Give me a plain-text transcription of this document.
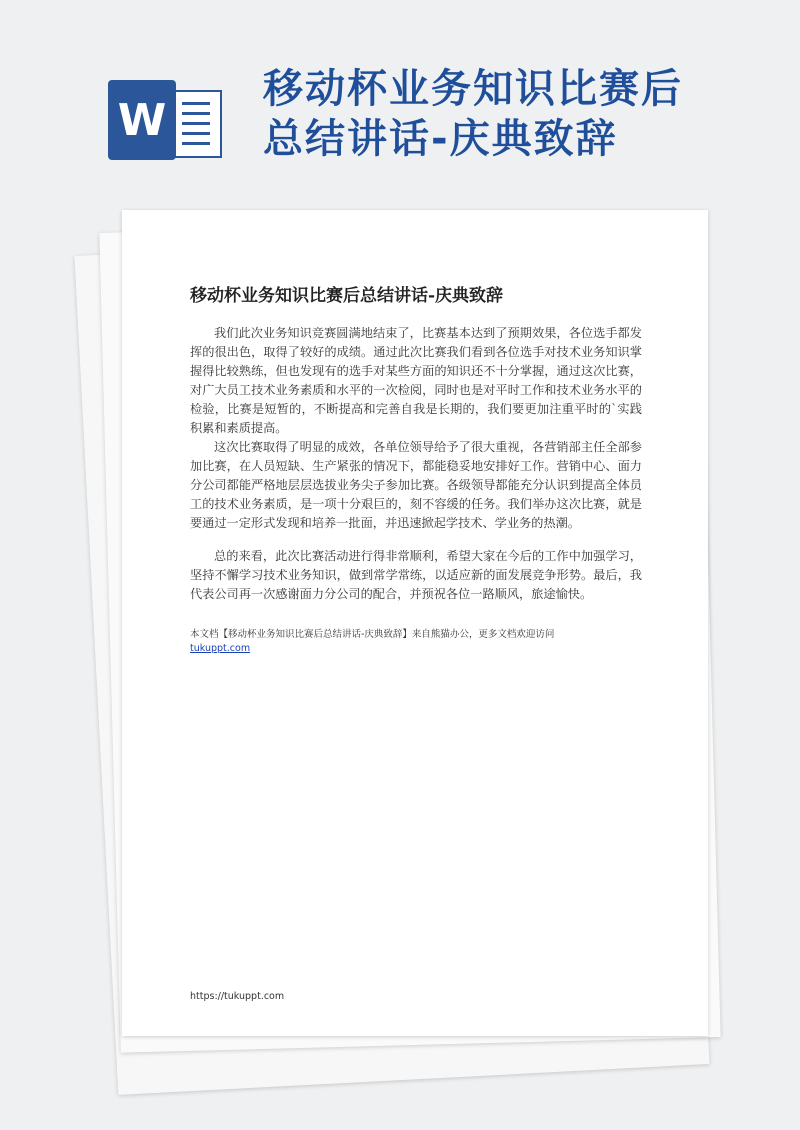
W
移动杯业务知识比赛后
总结讲话-庆典致辞
移动杯业务知识比赛后总结讲话-庆典致辞

我们此次业务知识竞赛圆满地结束了，比赛基本达到了预期效果，各位选手都发挥的很出色，取得了较好的成绩。通过此次比赛我们看到各位选手对技术业务知识掌握得比较熟练，但也发现有的选手对某些方面的知识还不十分掌握，通过这次比赛，对广大员工技术业务素质和水平的一次检阅，同时也是对平时工作和技术业务水平的检验，比赛是短暂的，不断提高和完善自我是长期的，我们要更加注重平时的`实践积累和素质提高。

这次比赛取得了明显的成效，各单位领导给予了很大重视，各营销部主任全部参加比赛，在人员短缺、生产紧张的情况下，都能稳妥地安排好工作。营销中心、面力分公司都能严格地层层选拔业务尖子参加比赛。各级领导都能充分认识到提高全体员工的技术业务素质，是一项十分艰巨的，刻不容缓的任务。我们举办这次比赛，就是要通过一定形式发现和培养一批面，并迅速掀起学技术、学业务的热潮。

总的来看，此次比赛活动进行得非常顺利，希望大家在今后的工作中加强学习，坚持不懈学习技术业务知识，做到常学常练，以适应新的面发展竞争形势。最后，我代表公司再一次感谢面力分公司的配合，并预祝各位一路顺风，旅途愉快。

本文档【移动杯业务知识比赛后总结讲话-庆典致辞】来自熊猫办公，更多文档欢迎访问
tukuppt.com
https://tukuppt.com
